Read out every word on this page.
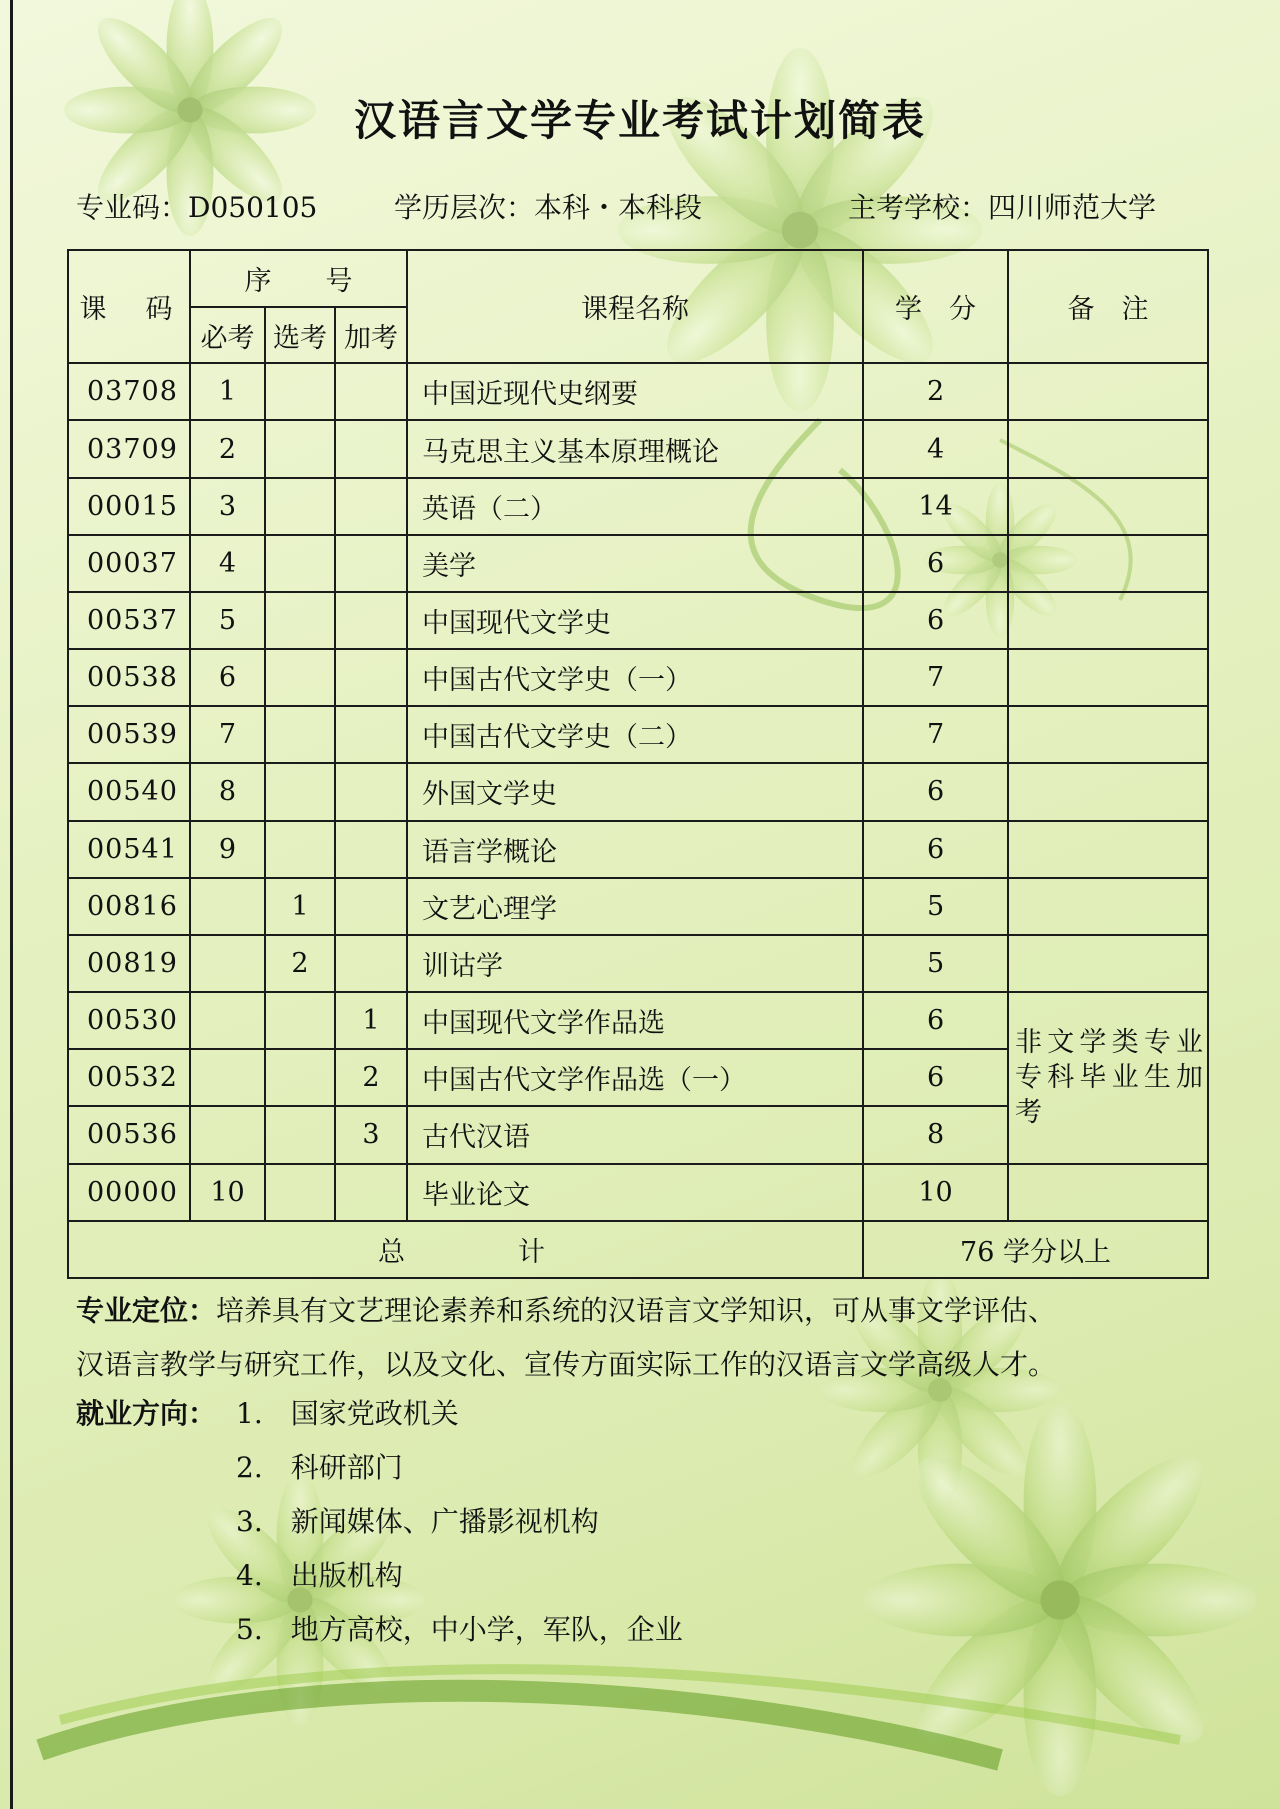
汉语言文学专业考试计划简表
专业码：D050105	学历层次：本科・本科段	主考学校：四川师范大学
课　码	序　　号			课程名称	学　分	备　注
	必考	选考	加考			
03708	1			中国近现代史纲要	2	
03709	2			马克思主义基本原理概论	4	
00015	3			英语（二）	14	
00037	4			美学	6	
00537	5			中国现代文学史	6	
00538	6			中国古代文学史（一）	7	
00539	7			中国古代文学史（二）	7	
00540	8			外国文学史	6	
00541	9			语言学概论	6	
00816		1		文艺心理学	5	
00819		2		训诂学	5	
00530			1	中国现代文学作品选	6	非文学类专业专科毕业生加考
00532			2	中国古代文学作品选（一）	6	
00536			3	古代汉语	8	
00000	10			毕业论文	10	
总　　　计					76 学分以上	
专业定位：培养具有文艺理论素养和系统的汉语言文学知识，可从事文学评估、
汉语言教学与研究工作，以及文化、宣传方面实际工作的汉语言文学高级人才。
就业方向： 1.　国家党政机关
2.　科研部门
3.　新闻媒体、广播影视机构
4.　出版机构
5.　地方高校，中小学，军队，企业
